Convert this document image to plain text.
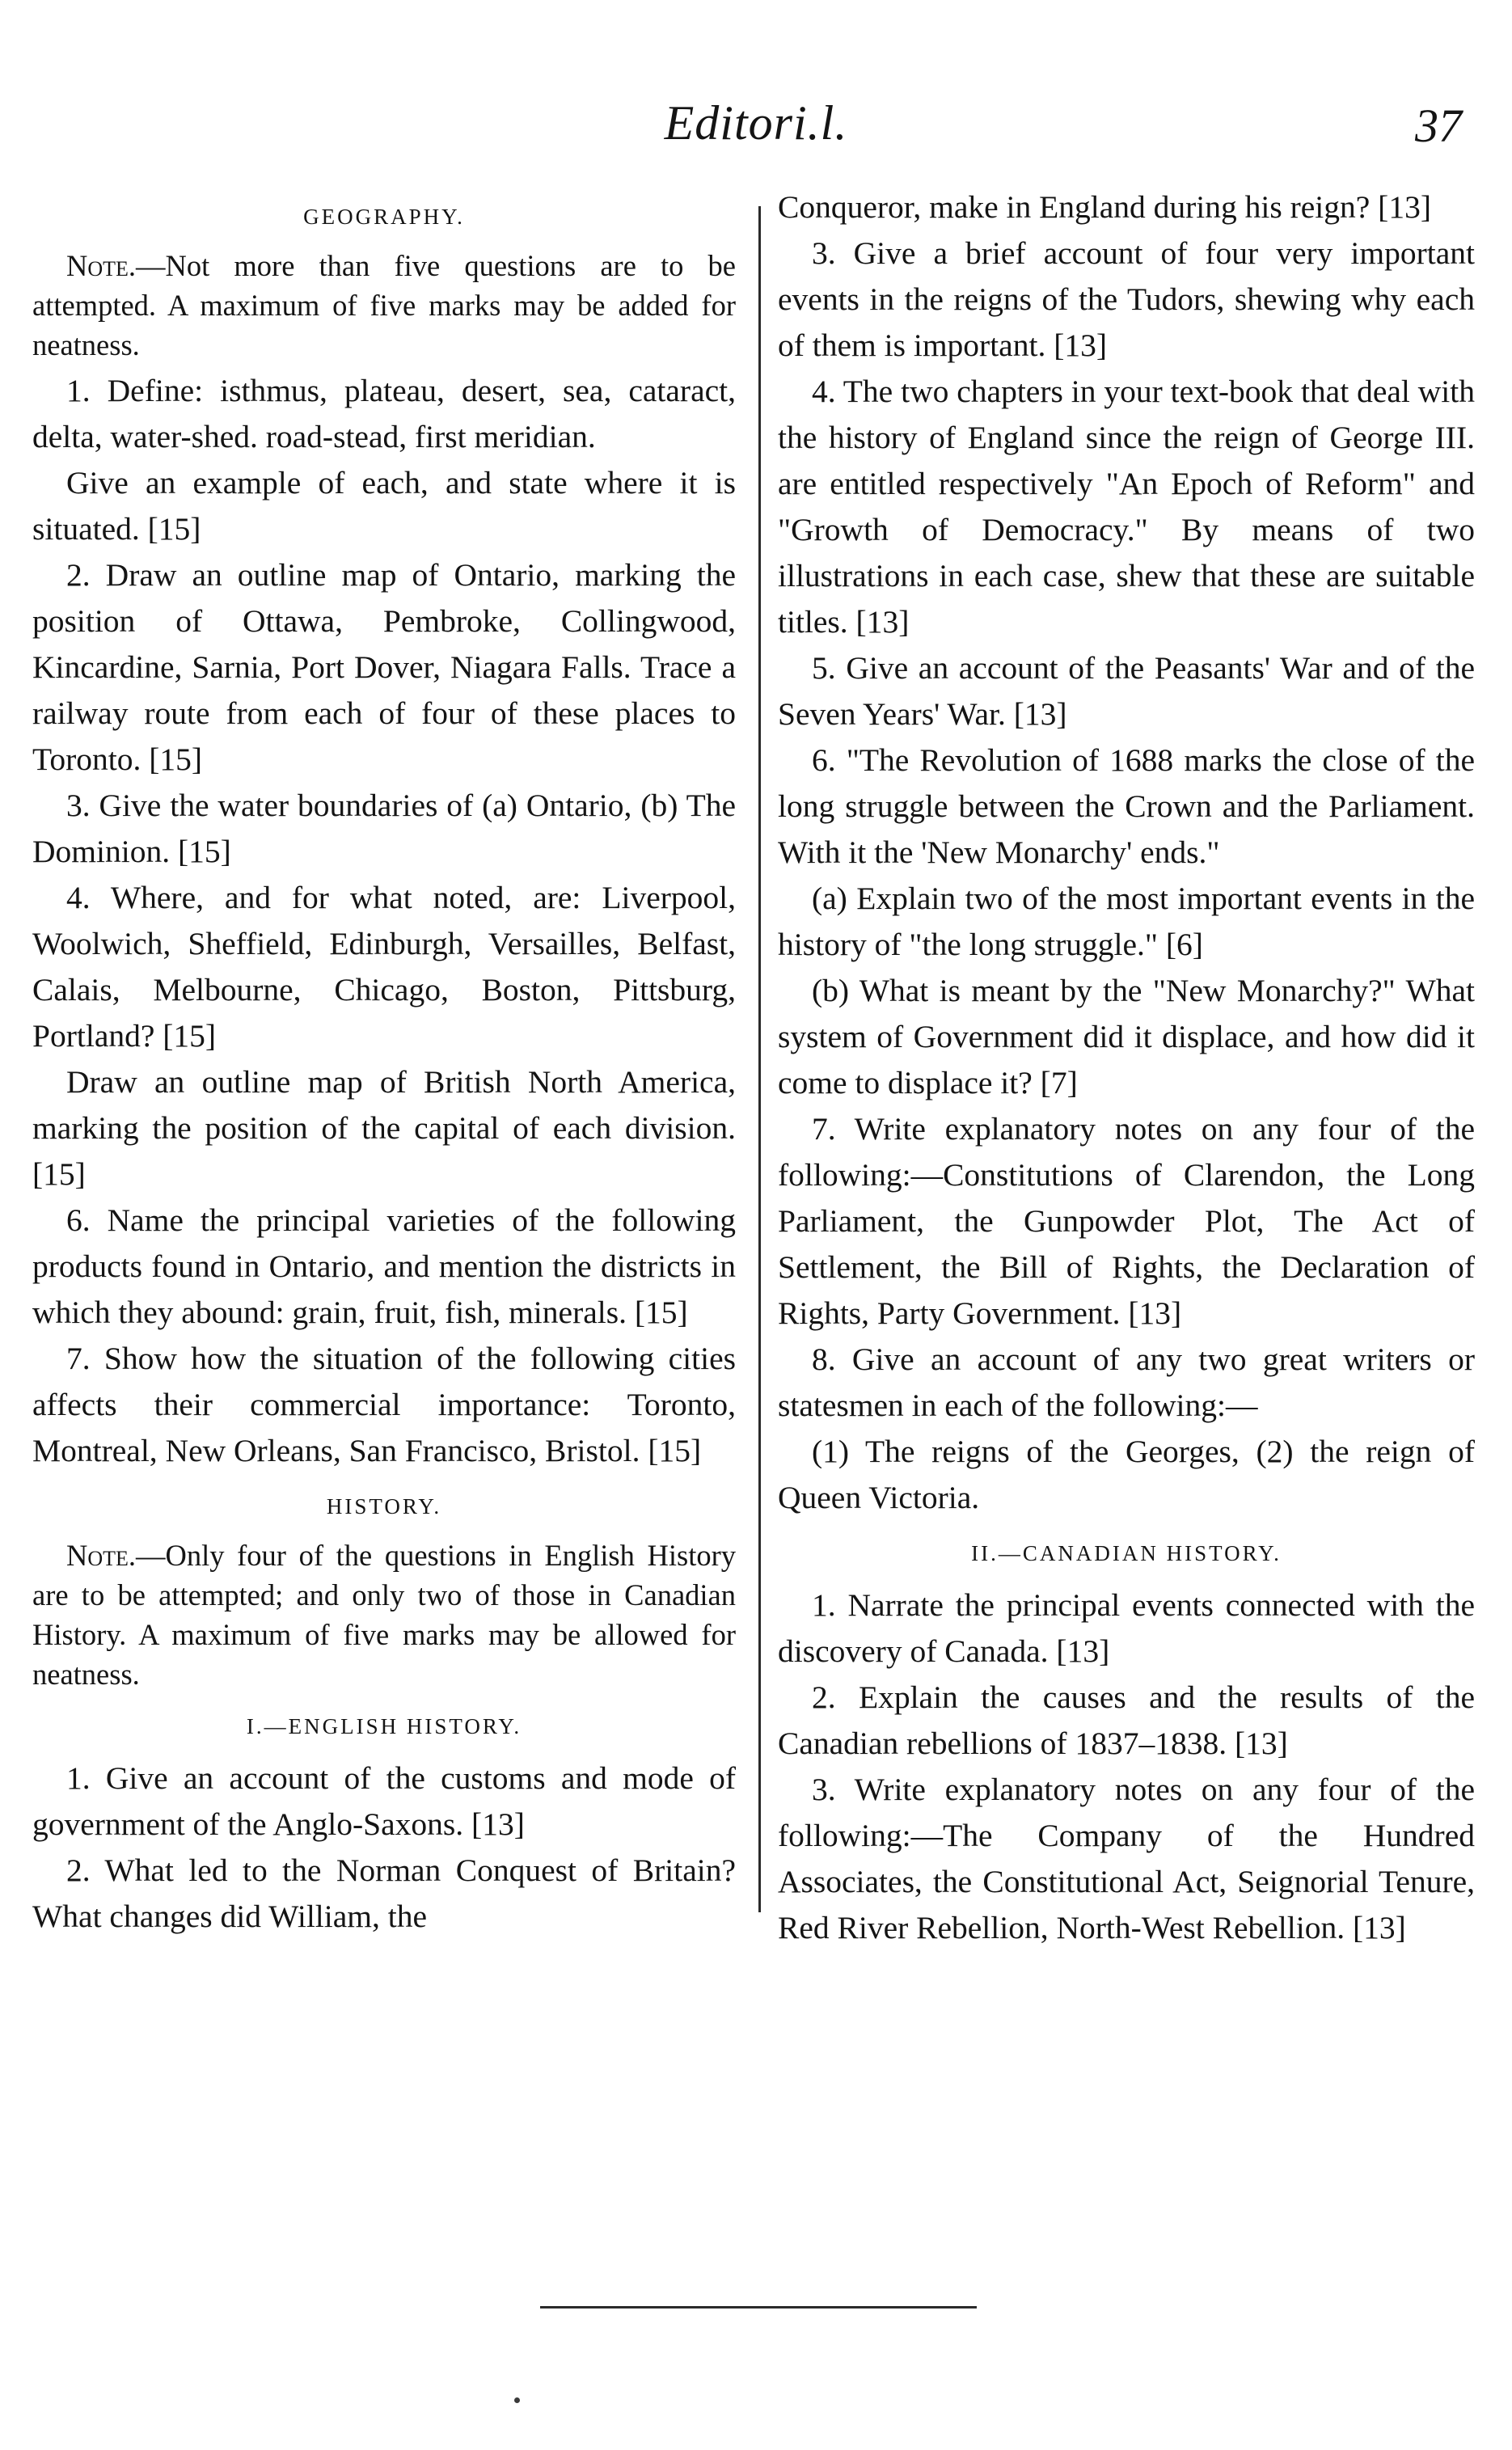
Editori.l.	37
GEOGRAPHY.

Note.—Not more than five questions are to be attempted. A maximum of five marks may be added for neatness.

1. Define: isthmus, plateau, desert, sea, cataract, delta, water-shed. road-stead, first meridian.

Give an example of each, and state where it is situated. [15]

2. Draw an outline map of Ontario, marking the position of Ottawa, Pembroke, Collingwood, Kincardine, Sarnia, Port Dover, Niagara Falls. Trace a railway route from each of four of these places to Toronto. [15]

3. Give the water boundaries of (a) Ontario, (b) The Dominion. [15]

4. Where, and for what noted, are: Liverpool, Woolwich, Sheffield, Edinburgh, Versailles, Belfast, Calais, Melbourne, Chicago, Boston, Pittsburg, Portland? [15]

Draw an outline map of British North America, marking the position of the capital of each division. [15]

6. Name the principal varieties of the following products found in Ontario, and mention the districts in which they abound: grain, fruit, fish, minerals. [15]

7. Show how the situation of the following cities affects their commercial importance: Toronto, Montreal, New Orleans, San Francisco, Bristol. [15]

HISTORY.

Note.—Only four of the questions in English History are to be attempted; and only two of those in Canadian History. A maximum of five marks may be allowed for neatness.

I.—ENGLISH HISTORY.

1. Give an account of the customs and mode of government of the Anglo-Saxons. [13]

2. What led to the Norman Conquest of Britain? What changes did William, the

Conqueror, make in England during his reign? [13]

3. Give a brief account of four very important events in the reigns of the Tudors, shewing why each of them is important. [13]

4. The two chapters in your text-book that deal with the history of England since the reign of George III. are entitled respectively "An Epoch of Reform" and "Growth of Democracy." By means of two illustrations in each case, shew that these are suitable titles. [13]

5. Give an account of the Peasants' War and of the Seven Years' War. [13]

6. "The Revolution of 1688 marks the close of the long struggle between the Crown and the Parliament. With it the 'New Monarchy' ends."

(a) Explain two of the most important events in the history of "the long struggle." [6]

(b) What is meant by the "New Monarchy?" What system of Government did it displace, and how did it come to displace it? [7]

7. Write explanatory notes on any four of the following:—Constitutions of Clarendon, the Long Parliament, the Gunpowder Plot, The Act of Settlement, the Bill of Rights, the Declaration of Rights, Party Government. [13]

8. Give an account of any two great writers or statesmen in each of the following:—

(1) The reigns of the Georges, (2) the reign of Queen Victoria.

II.—CANADIAN HISTORY.

1. Narrate the principal events connected with the discovery of Canada. [13]

2. Explain the causes and the results of the Canadian rebellions of 1837–1838. [13]

3. Write explanatory notes on any four of the following:—The Company of the Hundred Associates, the Constitutional Act, Seignorial Tenure, Red River Rebellion, North-West Rebellion. [13]
